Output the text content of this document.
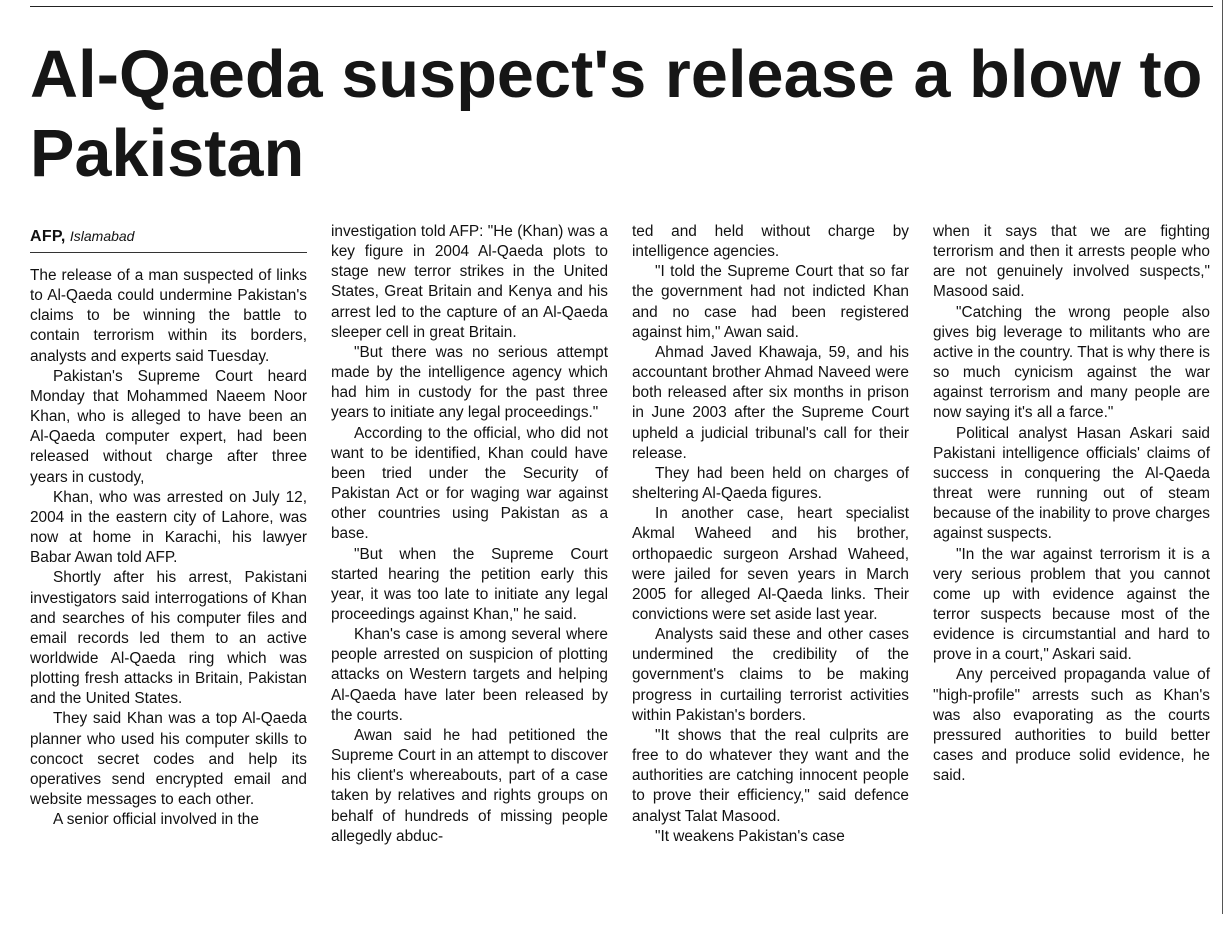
Al-Qaeda suspect's release a blow to Pakistan

AFP, Islamabad

The release of a man suspected of links to Al-Qaeda could undermine Pakistan's claims to be winning the battle to contain terrorism within its borders, analysts and experts said Tuesday.

Pakistan's Supreme Court heard Monday that Mohammed Naeem Noor Khan, who is alleged to have been an Al-Qaeda computer expert, had been released without charge after three years in custody,

Khan, who was arrested on July 12, 2004 in the eastern city of Lahore, was now at home in Karachi, his lawyer Babar Awan told AFP.

Shortly after his arrest, Pakistani investigators said interrogations of Khan and searches of his computer files and email records led them to an active worldwide Al-Qaeda ring which was plotting fresh attacks in Britain, Pakistan and the United States.

They said Khan was a top Al-Qaeda planner who used his computer skills to concoct secret codes and help its operatives send encrypted email and website messages to each other.

A senior official involved in the

investigation told AFP: "He (Khan) was a key figure in 2004 Al-Qaeda plots to stage new terror strikes in the United States, Great Britain and Kenya and his arrest led to the capture of an Al-Qaeda sleeper cell in great Britain.

"But there was no serious attempt made by the intelligence agency which had him in custody for the past three years to initiate any legal proceedings."

According to the official, who did not want to be identified, Khan could have been tried under the Security of Pakistan Act or for waging war against other countries using Pakistan as a base.

"But when the Supreme Court started hearing the petition early this year, it was too late to initiate any legal proceedings against Khan," he said.

Khan's case is among several where people arrested on suspicion of plotting attacks on Western targets and helping Al-Qaeda have later been released by the courts.

Awan said he had petitioned the Supreme Court in an attempt to discover his client's whereabouts, part of a case taken by relatives and rights groups on behalf of hundreds of missing people allegedly abduc-

ted and held without charge by intelligence agencies.

"I told the Supreme Court that so far the government had not indicted Khan and no case had been registered against him," Awan said.

Ahmad Javed Khawaja, 59, and his accountant brother Ahmad Naveed were both released after six months in prison in June 2003 after the Supreme Court upheld a judicial tribunal's call for their release.

They had been held on charges of sheltering Al-Qaeda figures.

In another case, heart specialist Akmal Waheed and his brother, orthopaedic surgeon Arshad Waheed, were jailed for seven years in March 2005 for alleged Al-Qaeda links. Their convictions were set aside last year.

Analysts said these and other cases undermined the credibility of the government's claims to be making progress in curtailing terrorist activities within Pakistan's borders.

"It shows that the real culprits are free to do whatever they want and the authorities are catching innocent people to prove their efficiency," said defence analyst Talat Masood.

"It weakens Pakistan's case

when it says that we are fighting terrorism and then it arrests people who are not genuinely involved suspects," Masood said.

"Catching the wrong people also gives big leverage to militants who are active in the country. That is why there is so much cynicism against the war against terrorism and many people are now saying it's all a farce."

Political analyst Hasan Askari said Pakistani intelligence officials' claims of success in conquering the Al-Qaeda threat were running out of steam because of the inability to prove charges against suspects.

"In the war against terrorism it is a very serious problem that you cannot come up with evidence against the terror suspects because most of the evidence is circumstantial and hard to prove in a court," Askari said.

Any perceived propaganda value of "high-profile" arrests such as Khan's was also evaporating as the courts pressured authorities to build better cases and produce solid evidence, he said.
